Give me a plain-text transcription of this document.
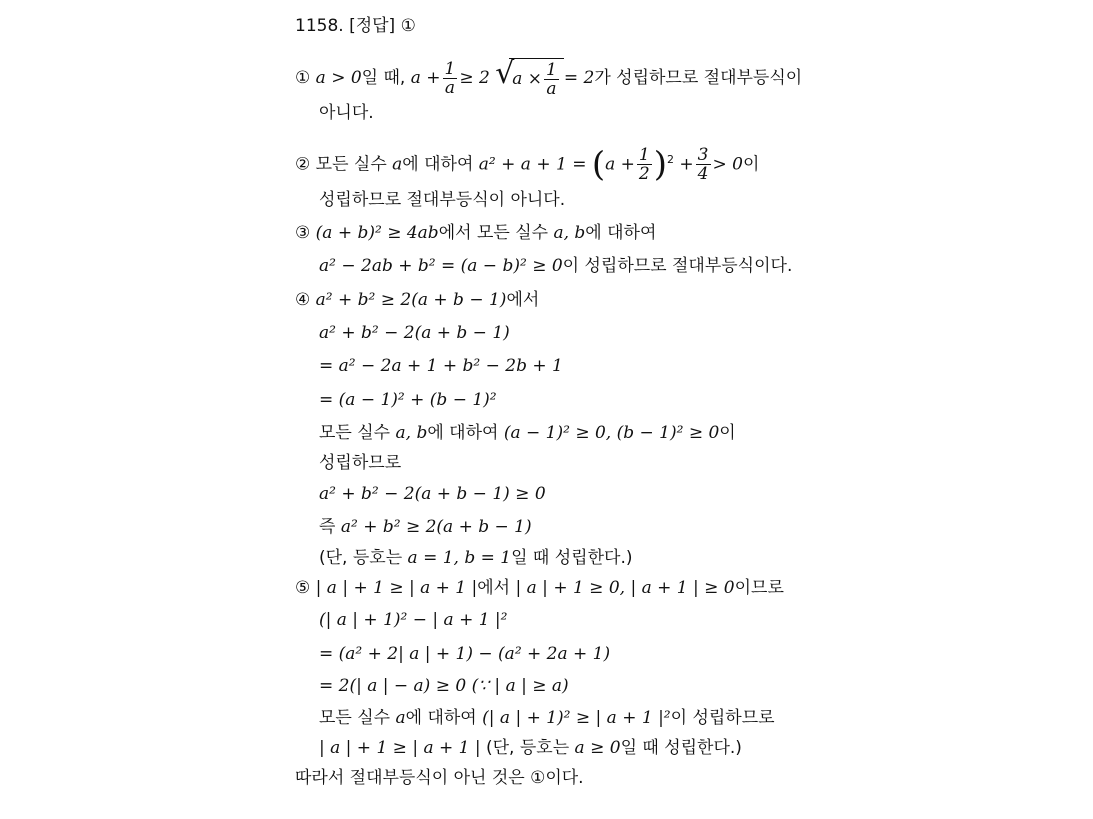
1158. [정답] ①
① a > 0일 때, $a + \frac{1}{a} \ge 2$ √
$a \times \frac{1}{a} = 2$가 성립하므로 절대부등식이
아니다.
② 모든 실수 a에 대하여 $a^2 + a + 1 = (a + \frac{1}{2} )^2 + \frac{3}{4} > 0$이
성립하므로 절대부등식이 아니다.
③ (a + b)² ≥ 4ab에서 모든 실수 a, b에 대하여
a² − 2ab + b² = (a − b)² ≥ 0이 성립하므로 절대부등식이다.
④ a² + b² ≥ 2(a + b − 1)에서
a² + b² − 2(a + b − 1)
= a² − 2a + 1 + b² − 2b + 1
= (a − 1)² + (b − 1)²
모든 실수 a, b에 대하여 (a − 1)² ≥ 0, (b − 1)² ≥ 0이
성립하므로
a² + b² − 2(a + b − 1) ≥ 0
즉 a² + b² ≥ 2(a + b − 1)
(단, 등호는 a = 1, b = 1일 때 성립한다.)
⑤ | a | + 1 ≥ | a + 1 |에서 | a | + 1 ≥ 0, | a + 1 | ≥ 0이므로
(| a | + 1)² − | a + 1 |²
= (a² + 2| a | + 1) − (a² + 2a + 1)
= 2(| a | − a) ≥ 0 (∵ | a | ≥ a)
모든 실수 a에 대하여 (| a | + 1)² ≥ | a + 1 |²이 성립하므로
| a | + 1 ≥ | a + 1 | (단, 등호는 a ≥ 0일 때 성립한다.)
따라서 절대부등식이 아닌 것은 ①이다.
